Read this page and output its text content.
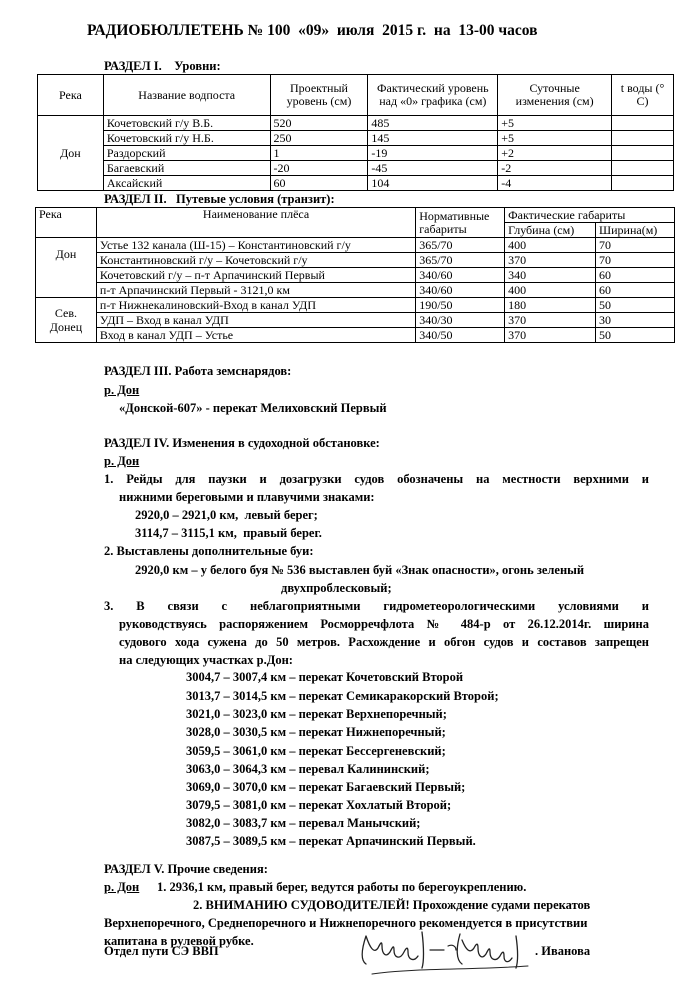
РАДИОБЮЛЛЕТЕНЬ № 100  «09»  июля  2015 г.  на  13-00 часов
РАЗДЕЛ I.    Уровни:
Река	Название водпоста	Проектный уровень (см)	Фактический уровень над «0» графика (см)	Суточные изменения (см)	t воды (° C)
Дон	Кочетовский г/у В.Б.	520	485	+5	
	Кочетовский г/у Н.Б.	250	145	+5	
	Раздорский	1	-19	+2	
	Багаевский	-20	-45	-2	
	Аксайский	60	104	-4	
РАЗДЕЛ II.   Путевые условия (транзит):
Река	Наименование плёса	Нормативные габариты	Фактические габариты	
			Глубина (см)	Ширина(м)
Дон	Устье 132 канала (Ш-15) – Константиновский г/у	365/70	400	70
	Константиновский г/у – Кочетовский г/у	365/70	370	70
	Кочетовский г/у – п-т Арпачинский Первый	340/60	340	60
	п-т Арпачинский Первый - 3121,0 км	340/60	400	60
Сев. Донец	п-т Нижнекалиновский-Вход в канал УДП	190/50	180	50
	УДП – Вход в канал УДП	340/30	370	30
	Вход в канал УДП – Устье	340/50	370	50
РАЗДЕЛ III. Работа земснарядов:
р. Дон
«Донской-607» - перекат Мелиховский Первый
РАЗДЕЛ IV. Изменения в судоходной обстановке:
р. Дон
1. Рейды для паузки и дозагрузки судов обозначены на местности верхними и
нижними береговыми и плавучими знаками:
2920,0 – 2921,0 км,  левый берег;
3114,7 – 3115,1 км,  правый берег.
2. Выставлены дополнительные буи:
2920,0 км – у белого буя № 536 выставлен буй «Знак опасности», огонь зеленый
двухпроблесковый;
3. В связи с неблагоприятными гидрометеорологическими условиями и
руководствуясь распоряжением Росморречфлота № 484-р от 26.12.2014г. ширина
судового хода сужена до 50 метров. Расхождение и обгон судов и составов запрещен
на следующих участках р.Дон:
3004,7 – 3007,4 км – перекат Кочетовский Второй
3013,7 – 3014,5 км – перекат Семикаракорский Второй;
3021,0 – 3023,0 км – перекат Верхнепоречный;
3028,0 – 3030,5 км – перекат Нижнепоречный;
3059,5 – 3061,0 км – перекат Бессергеневский;
3063,0 – 3064,3 км – перевал Калининский;
3069,0 – 3070,0 км – перекат Багаевский Первый;
3079,5 – 3081,0 км – перекат Хохлатый Второй;
3082,0 – 3083,7 км – перевал Манычский;
3087,5 – 3089,5 км – перекат Арпачинский Первый.
РАЗДЕЛ V. Прочие сведения:
р. Дон 1. 2936,1 км, правый берег, ведутся работы по берегоукреплению.
2. ВНИМАНИЮ СУДОВОДИТЕЛЕЙ! Прохождение судами перекатов
Верхнепоречного, Среднепоречного и Нижнепоречного рекомендуется в присутствии
капитана в рулевой рубке.
Отдел пути СЭ ВВП	. Иванова
